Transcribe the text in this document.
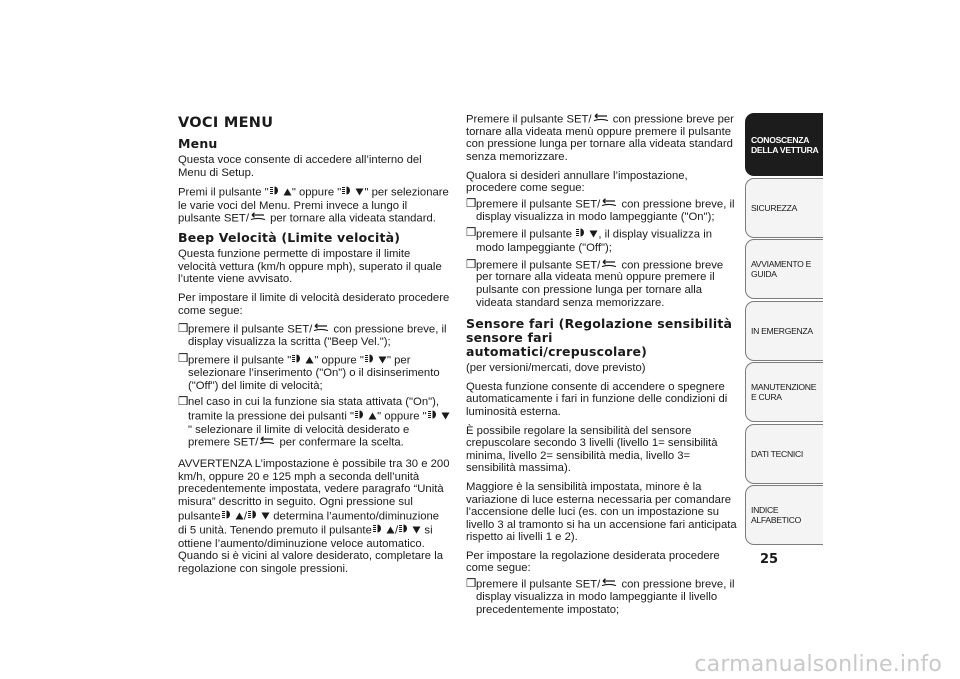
VOCI MENU
Menu

Questa voce consente di accedere all’interno del Menu di Setup.

Premi il pulsante " " oppure " " per selezionare le varie voci del Menu. Premi invece a lungo il pulsante SET/ per tornare alla videata standard.

Beep Velocità (Limite velocità)

Questa funzione permette di impostare il limite velocità vettura (km/h oppure mph), superato il quale l’utente viene avvisato.

Per impostare il limite di velocità desiderato procedere come segue:

❒ premere il pulsante SET/ con pressione breve, il display visualizza la scritta ("Beep Vel.");
❒ premere il pulsante " " oppure " " per selezionare l’inserimento ("On") o il disinserimento ("Off") del limite di velocità;
❒ nel caso in cui la funzione sia stata attivata ("On"), tramite la pressione dei pulsanti " " oppure " " selezionare il limite di velocità desiderato e premere SET/ per confermare la scelta.

AVVERTENZA L’impostazione è possibile tra 30 e 200 km/h, oppure 20 e 125 mph a seconda dell’unità precedentemente impostata, vedere paragrafo “Unità misura” descritto in seguito. Ogni pressione sul pulsante /  determina l’aumento/diminuzione di 5 unità. Tenendo premuto il pulsante /  si ottiene l’aumento/diminuzione veloce automatico. Quando si è vicini al valore desiderato, completare la regolazione con singole pressioni.

Premere il pulsante SET/ con pressione breve per tornare alla videata menù oppure premere il pulsante con pressione lunga per tornare alla videata standard senza memorizzare.

Qualora si desideri annullare l’impostazione, procedere come segue:

❒ premere il pulsante SET/ con pressione breve, il display visualizza in modo lampeggiante ("On");
❒ premere il pulsante  , il display visualizza in modo lampeggiante ("Off");
❒ premere il pulsante SET/ con pressione breve per tornare alla videata menù oppure premere il pulsante con pressione lunga per tornare alla videata standard senza memorizzare.
Sensore fari (Regolazione sensibilità sensore fari automatici/crepuscolare)

(per versioni/mercati, dove previsto)

Questa funzione consente di accendere o spegnere automaticamente i fari in funzione delle condizioni di luminosità esterna.

È possibile regolare la sensibilità del sensore crepuscolare secondo 3 livelli (livello 1= sensibilità minima, livello 2= sensibilità media, livello 3= sensibilità massima).

Maggiore è la sensibilità impostata, minore è la variazione di luce esterna necessaria per comandare l’accensione delle luci (es. con un impostazione su livello 3 al tramonto si ha un accensione fari anticipata rispetto ai livelli 1 e 2).

Per impostare la regolazione desiderata procedere come segue:

❒ premere il pulsante SET/ con pressione breve, il display visualizza in modo lampeggiante il livello precedentemente impostato;
CONOSCENZA DELLA VETTURA
SICUREZZA
AVVIAMENTO E GUIDA
IN EMERGENZA
MANUTENZIONE E CURA
DATI TECNICI
INDICE ALFABETICO
25
carmanualsonline.info
